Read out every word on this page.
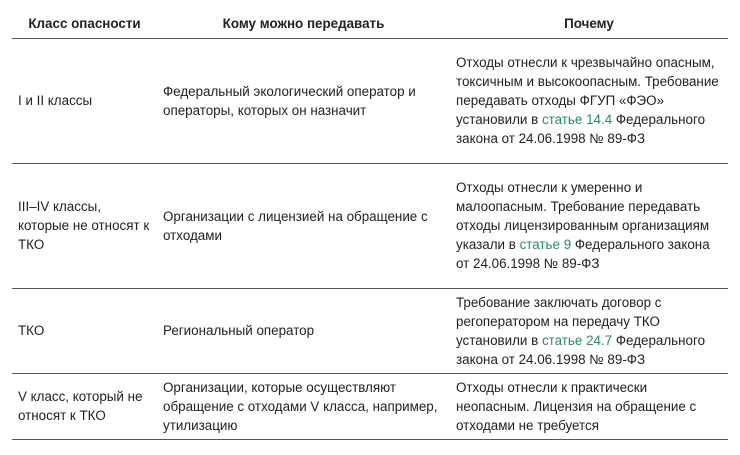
Класс опасности	Кому можно передавать	Почему
I и II классы	Федеральный экологический оператор и операторы, которых он назначит	Отходы отнесли к чрезвычайно опасным, токсичным и высокоопасным. Требование передавать отходы ФГУП «ФЭО» установили в статье 14.4 Федерального закона от 24.06.1998 № 89-ФЗ
III–IV классы, которые не относят к ТКО	Организации с лицензией на обращение с отходами	Отходы отнесли к умеренно и малоопасным. Требование передавать отходы лицензированным организациям указали в статье 9 Федерального закона от 24.06.1998 № 89-ФЗ
ТКО	Региональный оператор	Требование заключать договор с регоператором на передачу ТКО установили в статье 24.7 Федерального закона от 24.06.1998 № 89-ФЗ
V класс, который не относят к ТКО	Организации, которые осуществляют обращение с отходами V класса, например, утилизацию	Отходы отнесли к практически неопасным. Лицензия на обращение с отходами не требуется
